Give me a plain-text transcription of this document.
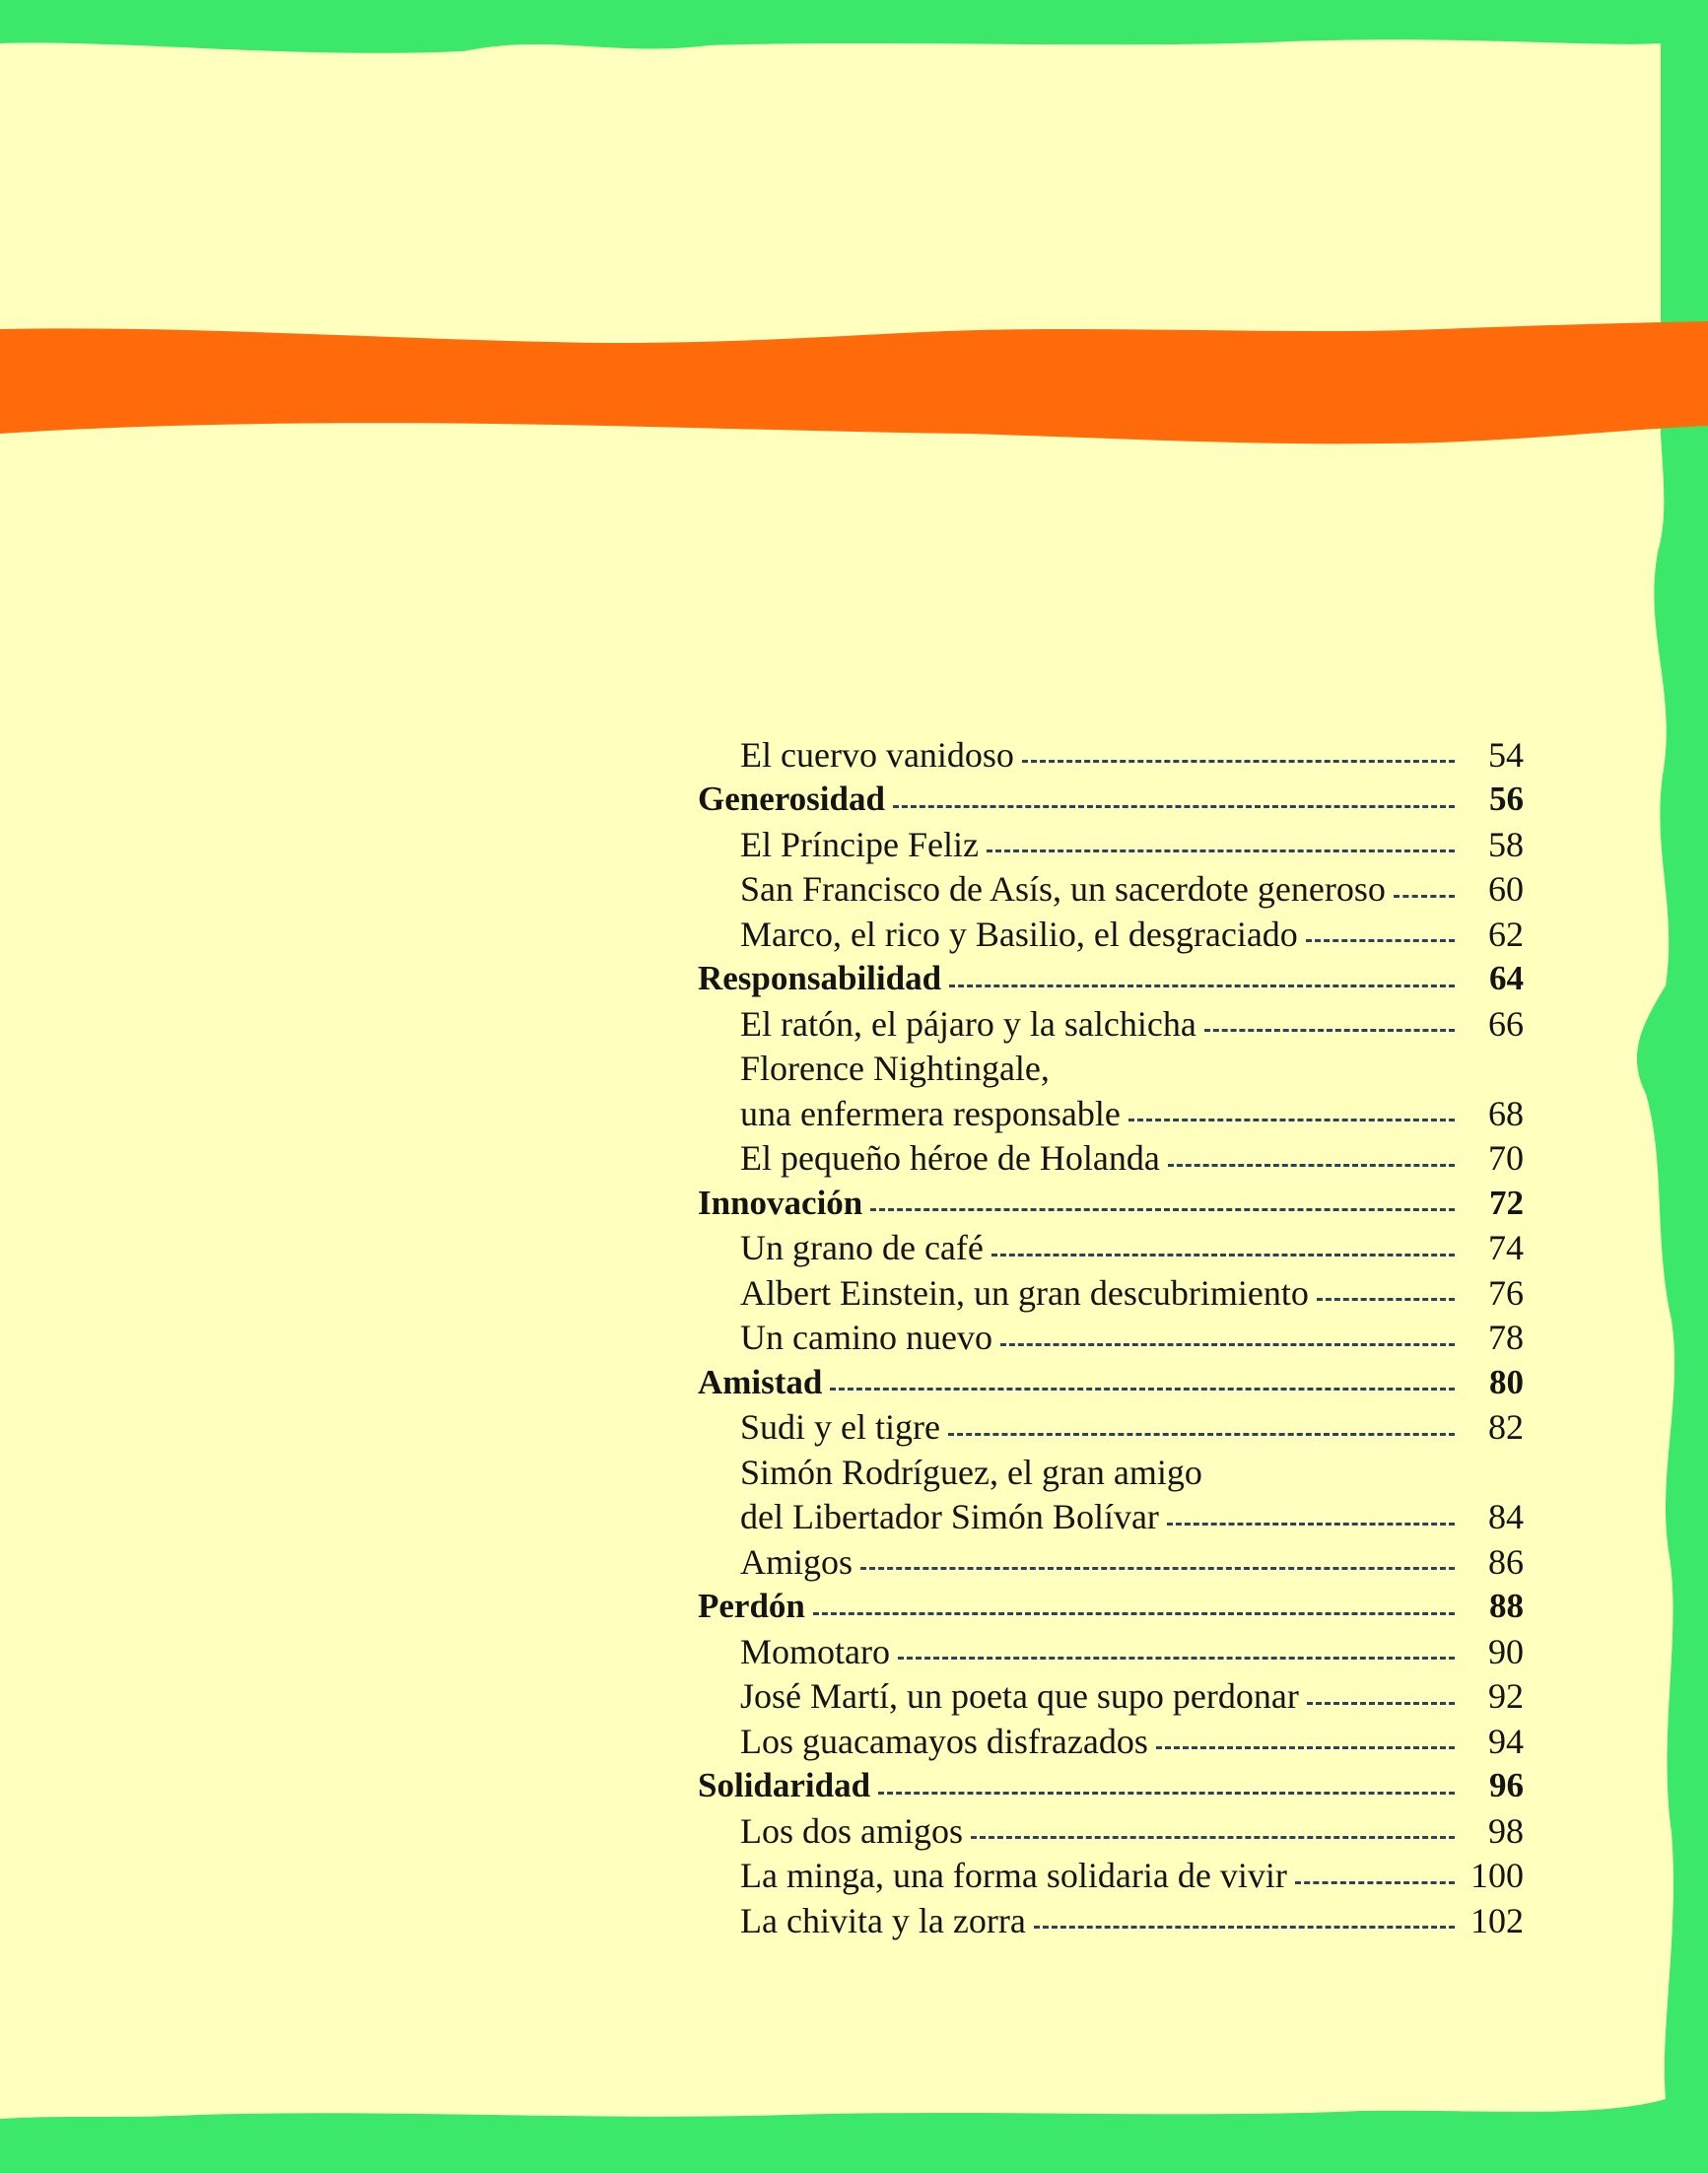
El cuervo vanidoso	54
Generosidad	56
El Príncipe Feliz	58
San Francisco de Asís, un sacerdote generoso	60
Marco, el rico y Basilio, el desgraciado	62
Responsabilidad	64
El ratón, el pájaro y la salchicha	66
Florence Nightingale,
una enfermera responsable	68
El pequeño héroe de Holanda	70
Innovación	72
Un grano de café	74
Albert Einstein, un gran descubrimiento	76
Un camino nuevo	78
Amistad	80
Sudi y el tigre	82
Simón Rodríguez, el gran amigo
del Libertador Simón Bolívar	84
Amigos	86
Perdón	88
Momotaro	90
José Martí, un poeta que supo perdonar	92
Los guacamayos disfrazados	94
Solidaridad	96
Los dos amigos	98
La minga, una forma solidaria de vivir	100
La chivita y la zorra	102
